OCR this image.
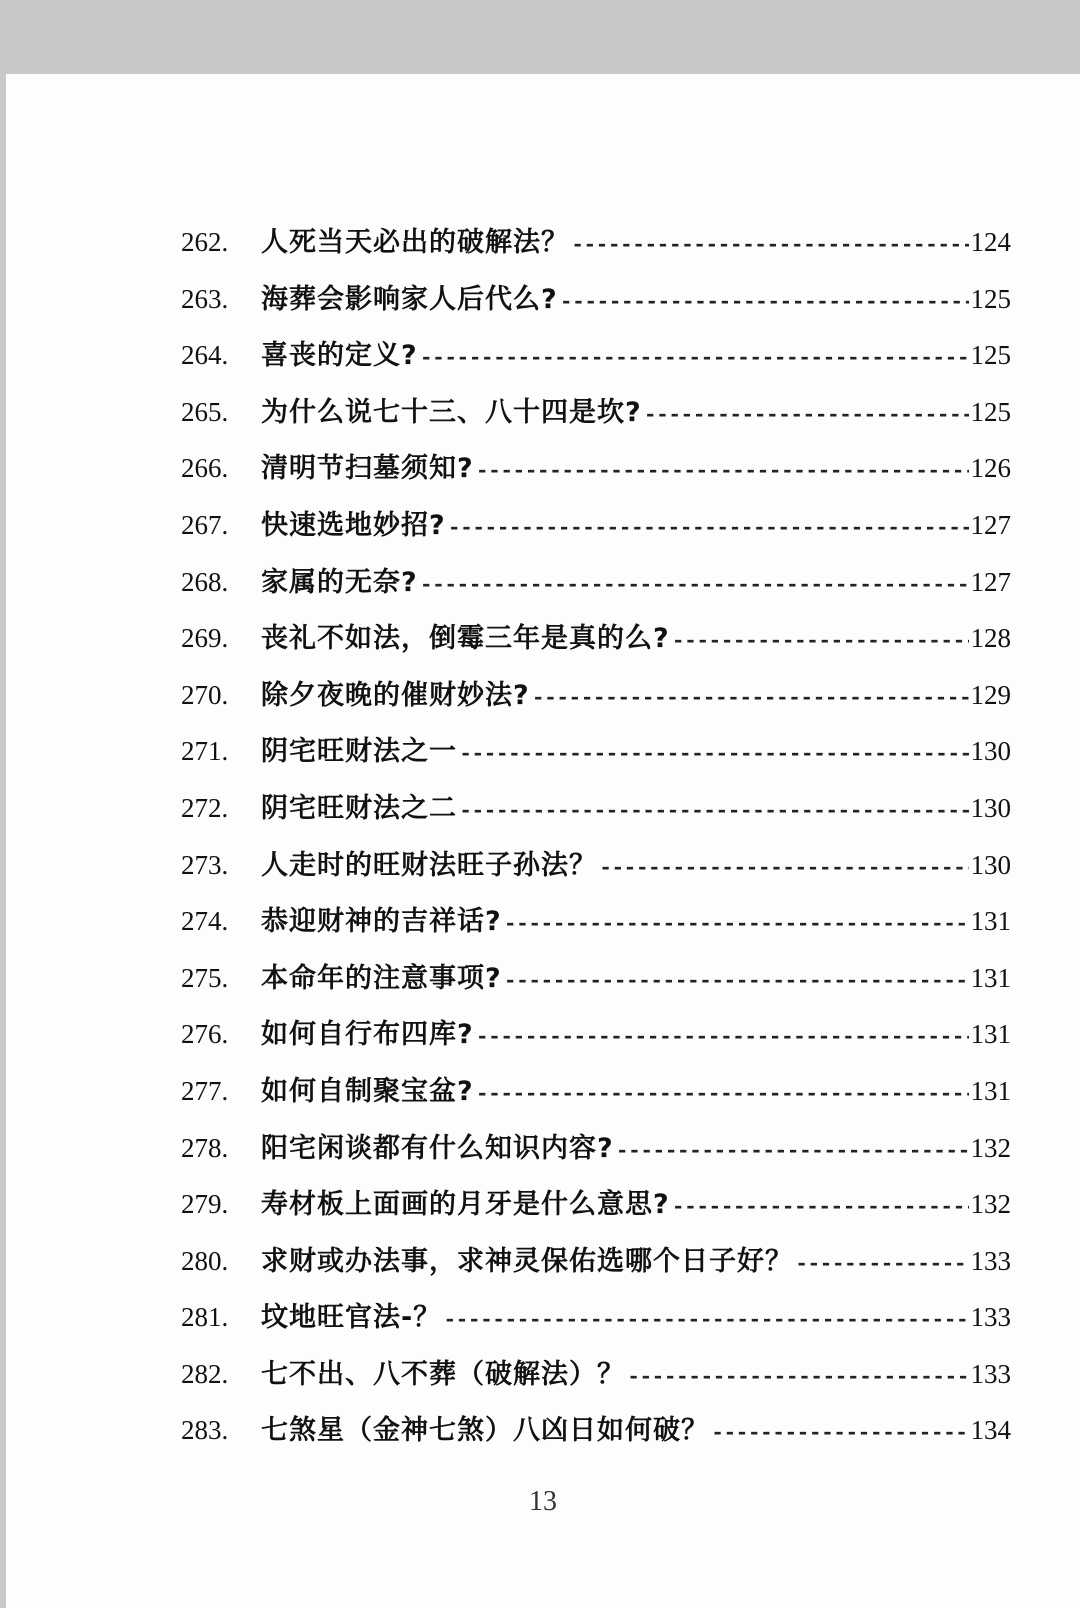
262.	人死当天必出的破解法？ -----	124
263.	海葬会影响家人后代么? -----	125
264.	喜丧的定义? -----	125
265.	为什么说七十三、八十四是坎? -----	125
266.	清明节扫墓须知? -----	126
267.	快速选地妙招? -----	127
268.	家属的无奈? -----	127
269.	丧礼不如法，倒霉三年是真的么? -----	128
270.	除夕夜晚的催财妙法? -----	129
271.	阴宅旺财法之一 -----	130
272.	阴宅旺财法之二 -----	130
273.	人走时的旺财法旺子孙法？ -----	130
274.	恭迎财神的吉祥话? -----	131
275.	本命年的注意事项? -----	131
276.	如何自行布四库? -----	131
277.	如何自制聚宝盆? -----	131
278.	阳宅闲谈都有什么知识内容? -----	132
279.	寿材板上面画的月牙是什么意思? -----	132
280.	求财或办法事，求神灵保佑选哪个日子好？ -----	133
281.	坟地旺官法-？ -----	133
282.	七不出、八不葬（破解法）？ -----	133
283.	七煞星（金神七煞）八凶日如何破？ -----	134
13
